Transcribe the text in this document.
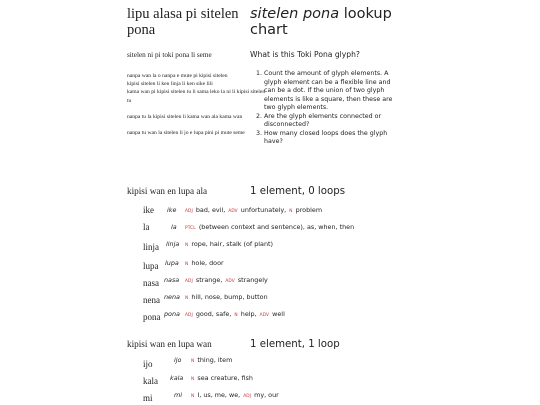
lipu alasa pi sitelen pona
sitelen ni pi toki pona li seme

nanpa wan la o nanpa e mute pi kipisi sitelen

kipisi sitelen li ken linja li ken sike lili

kama wan pi kipisi sitelen tu li sama leko la ni li kipisi sitelen tu

nanpa tu la kipisi sitelen li kama wan ala kama wan

nanpa tu wan la sitelen li jo e lupa pini pi mute seme

sitelen pona lookup chart
What is this Toki Pona glyph?
1. Count the amount of glyph elements. A glyph element can be a flexible line and can be a dot. If the union of two glyph elements is like a square, then these are two glyph elements.
2. Are the glyph elements connected or disconnected?
3. How many closed loops does the glyph have?
kipisi wan en lupa ala	1 element, 0 loops
ike ike ADJ bad, evil, ADV unfortunately, N problem
la	la PTCL (between context and sentence), as, when, then
linja linja N rope, hair, stalk (of plant)
lupa lupa N hole, door
nasa nasa ADJ strange, ADV strangely
nena nena N hill, nose, bump, button
pona pona ADJ good, safe, N help, ADV well
kipisi wan en lupa wan	1 element, 1 loop
ijo	ijo N thing, item
kala kala N sea creature, fish
mi	mi N I, us, me, we, ADJ my, our
